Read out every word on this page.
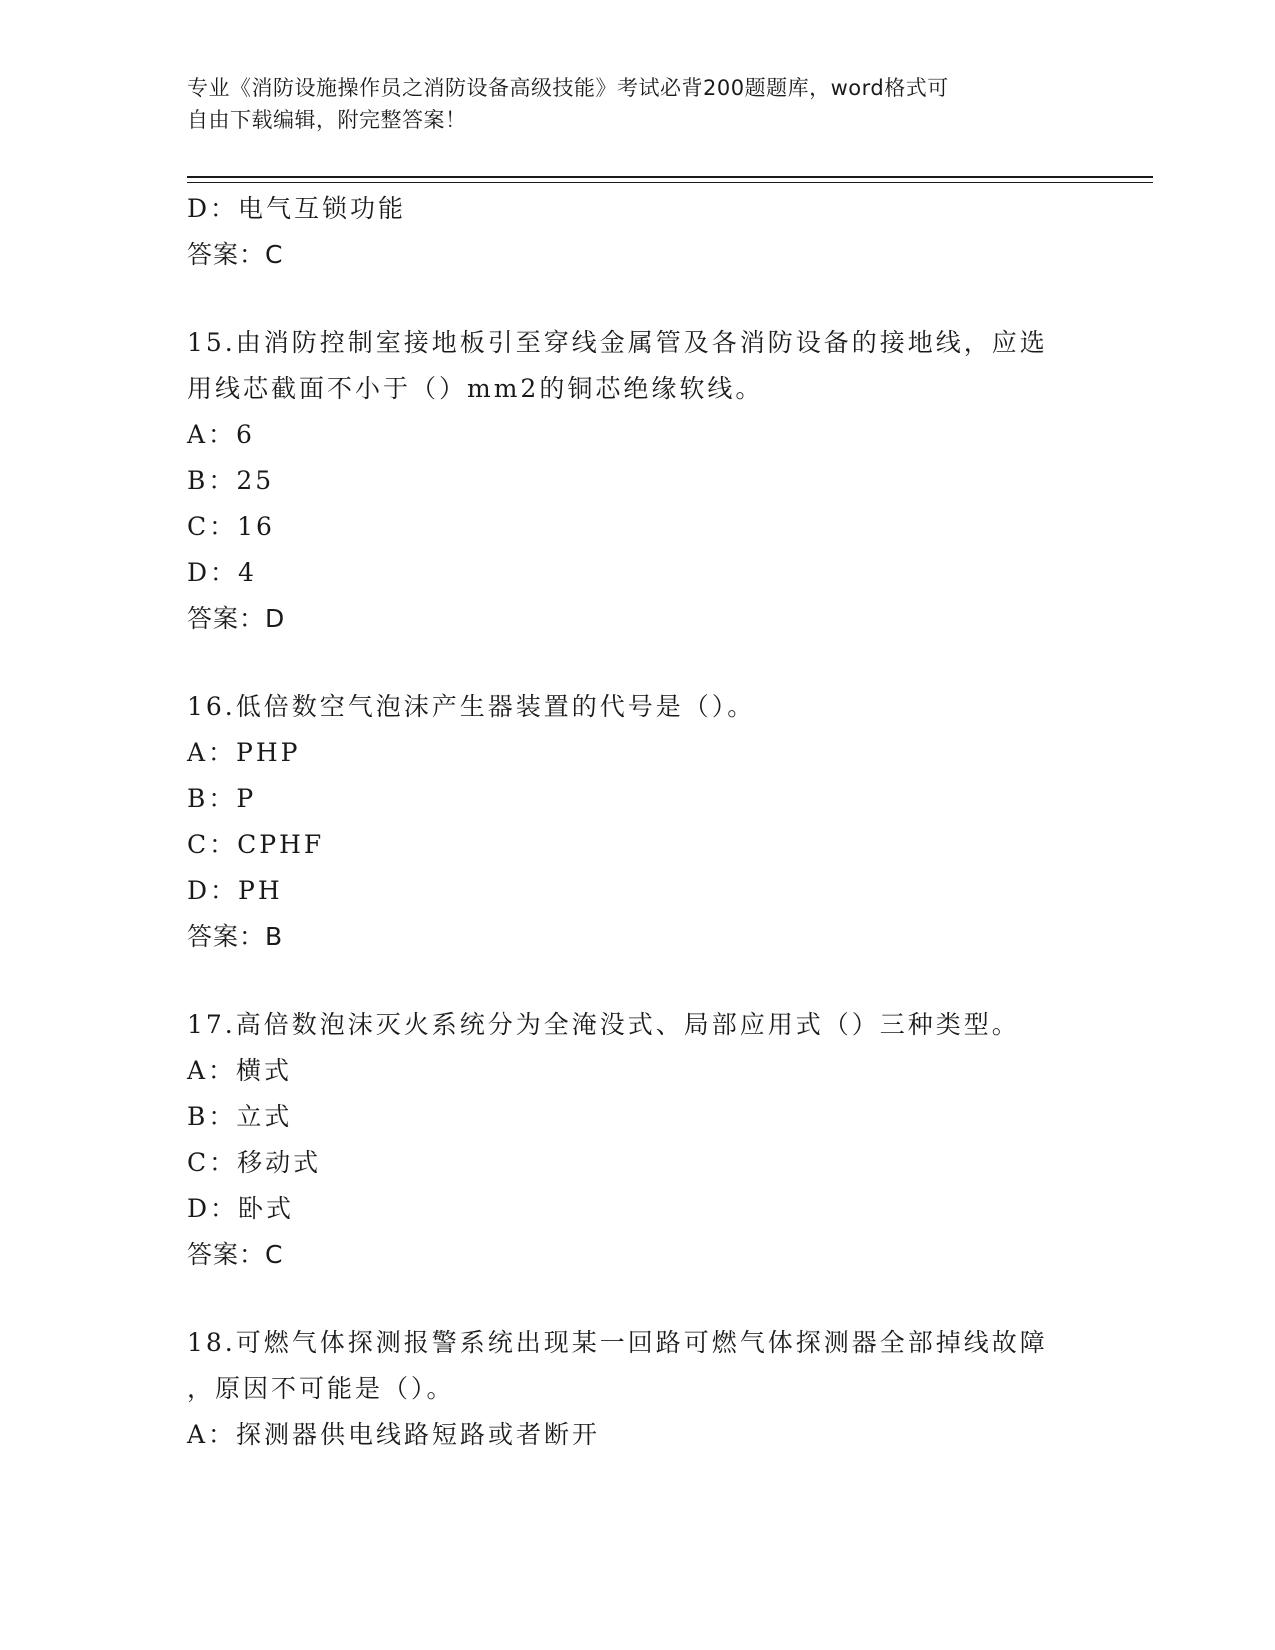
专业《消防设施操作员之消防设备高级技能》考试必背200题题库，word格式可
自由下载编辑，附完整答案！
D：电气互锁功能
答案：C
15.由消防控制室接地板引至穿线金属管及各消防设备的接地线，应选
用线芯截面不小于（）mm2的铜芯绝缘软线。
A：6
B：25
C：16
D：4
答案：D
16.低倍数空气泡沫产生器装置的代号是（）。
A：PHP
B：P
C：CPHF
D：PH
答案：B
17.高倍数泡沫灭火系统分为全淹没式、局部应用式（）三种类型。
A：横式
B：立式
C：移动式
D：卧式
答案：C
18.可燃气体探测报警系统出现某一回路可燃气体探测器全部掉线故障
，原因不可能是（）。
A：探测器供电线路短路或者断开
